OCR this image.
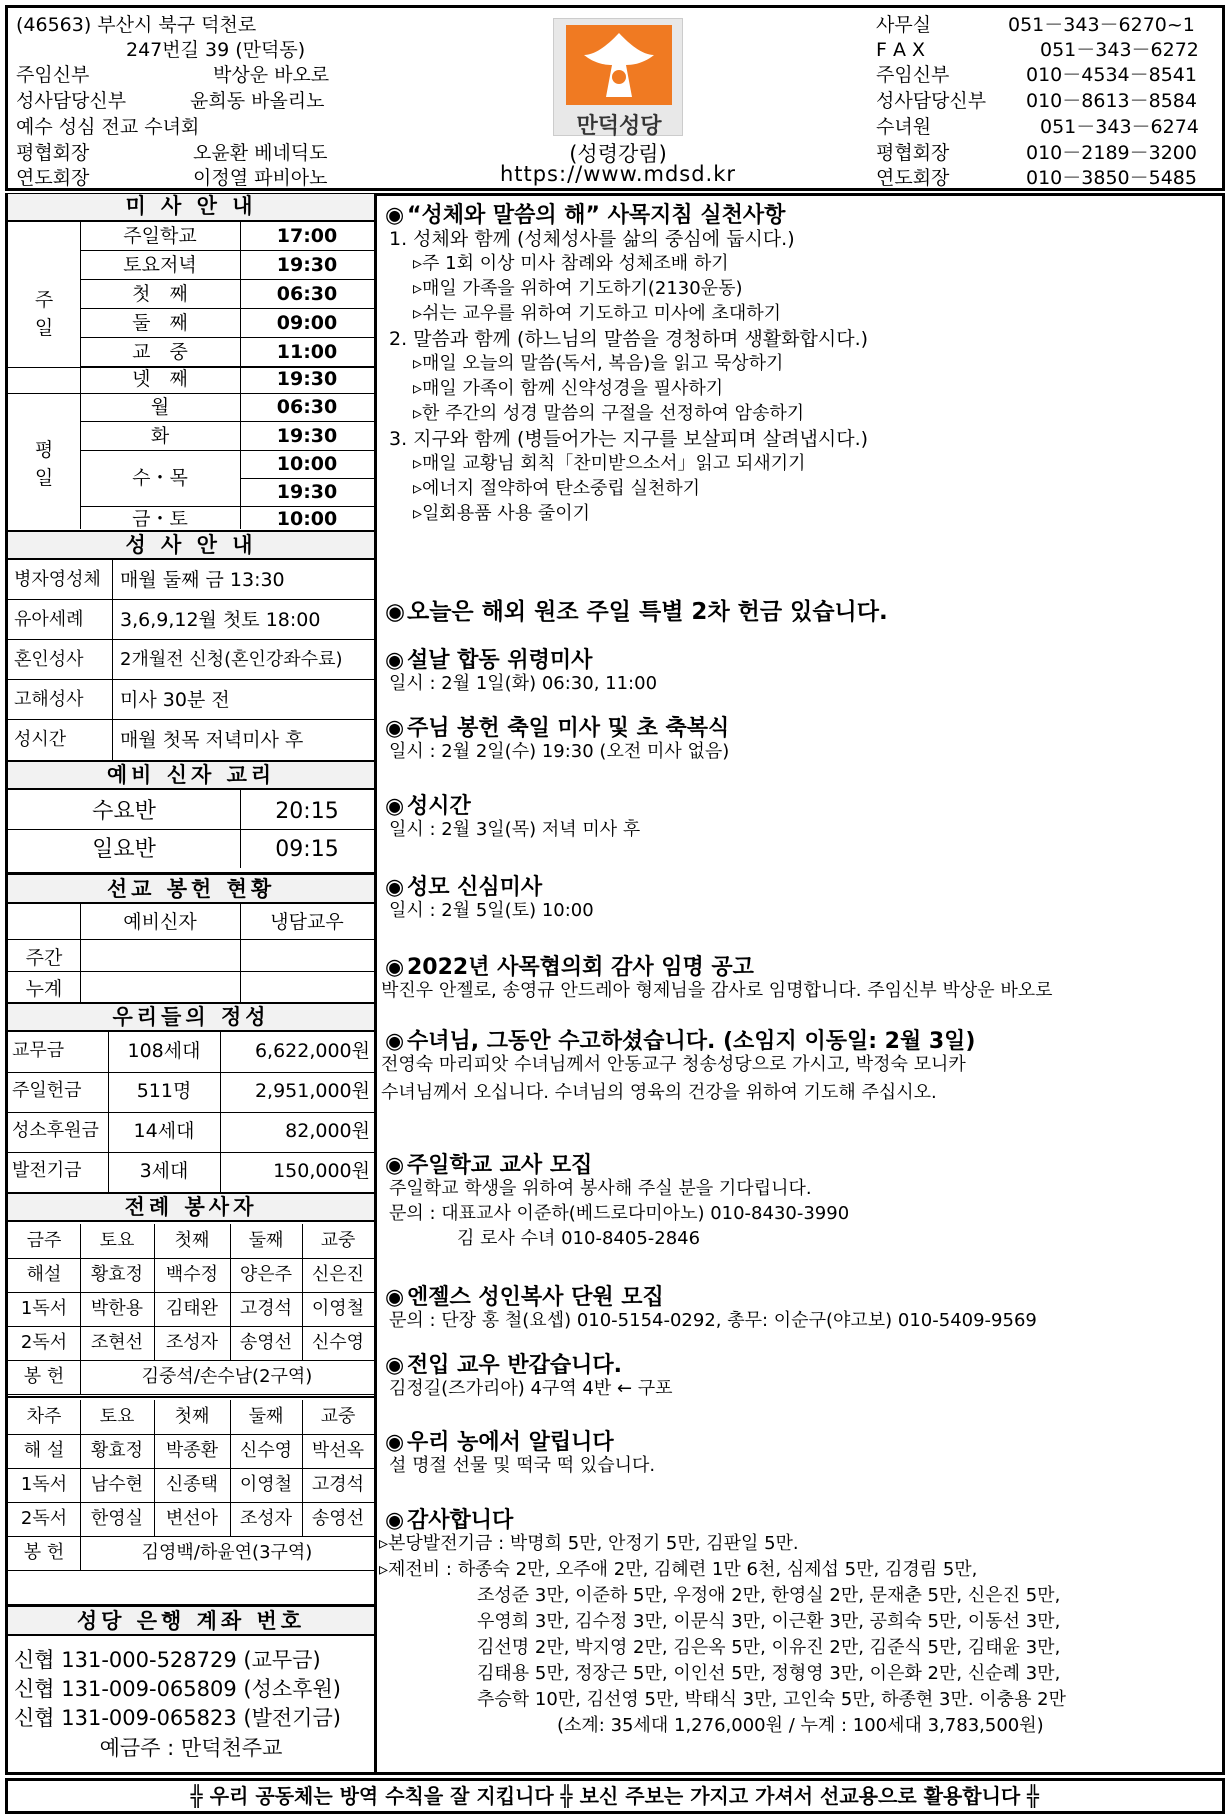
(46563) 부산시 북구 덕천로
247번길 39 (만덕동)
주임신부	박상운 바오로
성사담당신부	윤희동 바올리노
예수 성심 전교 수녀회
평협회장	오윤환 베네딕도
연도회장	이정열 파비아노
만덕성당
(성령강림)
https://www.mdsd.kr
사무실	051－343－6270~1
F A X	051－343－6272
주임신부	010－4534－8541
성사담당신부 010－8613－8584
수녀원	051－343－6274
평협회장	010－2189－3200
연도회장	010－3850－5485
미 사 안 내
주
일
평
일
주일학교	17:00
토요저녁	19:30
첫　째	06:30
둘　째	09:00
교　중	11:00
넷　째	19:30
월	06:30
화	19:30
수・목
10:00
19:30
금・토	10:00
성 사 안 내
병자영성체 매월 둘째 금 13:30
유아세례 3,6,9,12월 첫토 18:00
혼인성사 2개월전 신청(혼인강좌수료)
고해성사 미사 30분 전
성시간	매월 첫목 저녁미사 후
예비 신자 교리
수요반	20:15
일요반	09:15
선교 봉헌 현황
예비신자	냉담교우
주간
누계
우리들의 정성
교무금	108세대	6,622,000원
주일헌금	511명	2,951,000원
성소후원금	14세대	82,000원
발전기금	3세대	150,000원
전례 봉사자
성당 은행 계좌 번호
신협 131-000-528729 (교무금)
신협 131-009-065809 (성소후원)
신협 131-009-065823 (발전기금)
예금주 : 만덕천주교
금주	토요	첫째	둘째	교중
해설	황효정	백수정	양은주	신은진
1독서	박한용	김태완	고경석	이영철
2독서	조현선	조성자	송영선	신수영
봉 헌	김중석/손수남(2구역)
차주	토요	첫째	둘째	교중
해 설	황효정	박종환	신수영	박선옥
1독서	남수현	신종택	이영철	고경석
2독서	한영실	변선아	조성자	송영선
봉 헌	김영백/하윤연(3구역)
◉ “성체와 말씀의 해” 사목지침 실천사항
1. 성체와 함께 (성체성사를 삶의 중심에 둡시다.)
▹주 1회 이상 미사 참례와 성체조배 하기
▹매일 가족을 위하여 기도하기(2130운동)
▹쉬는 교우를 위하여 기도하고 미사에 초대하기
2. 말씀과 함께 (하느님의 말씀을 경청하며 생활화합시다.)
▹매일 오늘의 말씀(독서, 복음)을 읽고 묵상하기
▹매일 가족이 함께 신약성경을 필사하기
▹한 주간의 성경 말씀의 구절을 선정하여 암송하기
3. 지구와 함께 (병들어가는 지구를 보살피며 살려냅시다.)
▹매일 교황님 회칙「찬미받으소서」읽고 되새기기
▹에너지 절약하여 탄소중립 실천하기
▹일회용품 사용 줄이기
◉오늘은 해외 원조 주일 특별 2차 헌금 있습니다.
◉ 설날 합동 위령미사
일시 : 2월 1일(화) 06:30, 11:00
◉ 주님 봉헌 축일 미사 및 초 축복식
일시 : 2월 2일(수) 19:30 (오전 미사 없음)
◉ 성시간
일시 : 2월 3일(목) 저녁 미사 후
◉ 성모 신심미사
일시 : 2월 5일(토) 10:00
◉ 2022년 사목협의회 감사 임명 공고
박진우 안젤로, 송영규 안드레아 형제님을 감사로 임명합니다. 주임신부 박상운 바오로
◉ 수녀님, 그동안 수고하셨습니다. (소임지 이동일: 2월 3일)
전영숙 마리피앗 수녀님께서 안동교구 청송성당으로 가시고, 박정숙 모니카
수녀님께서 오십니다. 수녀님의 영육의 건강을 위하여 기도해 주십시오.
◉ 주일학교 교사 모집
주일학교 학생을 위하여 봉사해 주실 분을 기다립니다.
문의 : 대표교사 이준하(베드로다미아노) 010-8430-3990
김 로사 수녀 010-8405-2846
◉ 엔젤스 성인복사 단원 모집
문의 : 단장 홍 철(요셉) 010-5154-0292, 총무: 이순구(야고보) 010-5409-9569
◉ 전입 교우 반갑습니다.
김정길(즈가리아) 4구역 4반 ← 구포
◉ 우리 농에서 알립니다
설 명절 선물 및 떡국 떡 있습니다.
◉ 감사합니다
▹본당발전기금 : 박명희 5만, 안정기 5만, 김판일 5만.
▹제전비 : 하종숙 2만, 오주애 2만, 김혜련 1만 6천, 심제섭 5만, 김경림 5만,
조성준 3만, 이준하 5만, 우정애 2만, 한영실 2만, 문재춘 5만, 신은진 5만,
우영희 3만, 김수정 3만, 이문식 3만, 이근환 3만, 공희숙 5만, 이동선 3만,
김선명 2만, 박지영 2만, 김은옥 5만, 이유진 2만, 김준식 5만, 김태윤 3만,
김태용 5만, 정장근 5만, 이인선 5만, 정형영 3만, 이은화 2만, 신순례 3만,
추승학 10만, 김선영 5만, 박태식 3만, 고인숙 5만, 하종현 3만. 이충용 2만
(소계: 35세대 1,276,000원 / 누계 : 100세대 3,783,500원)
╬ 우리 공동체는 방역 수칙을 잘 지킵니다 ╬ 보신 주보는 가지고 가셔서 선교용으로 활용합니다 ╬
